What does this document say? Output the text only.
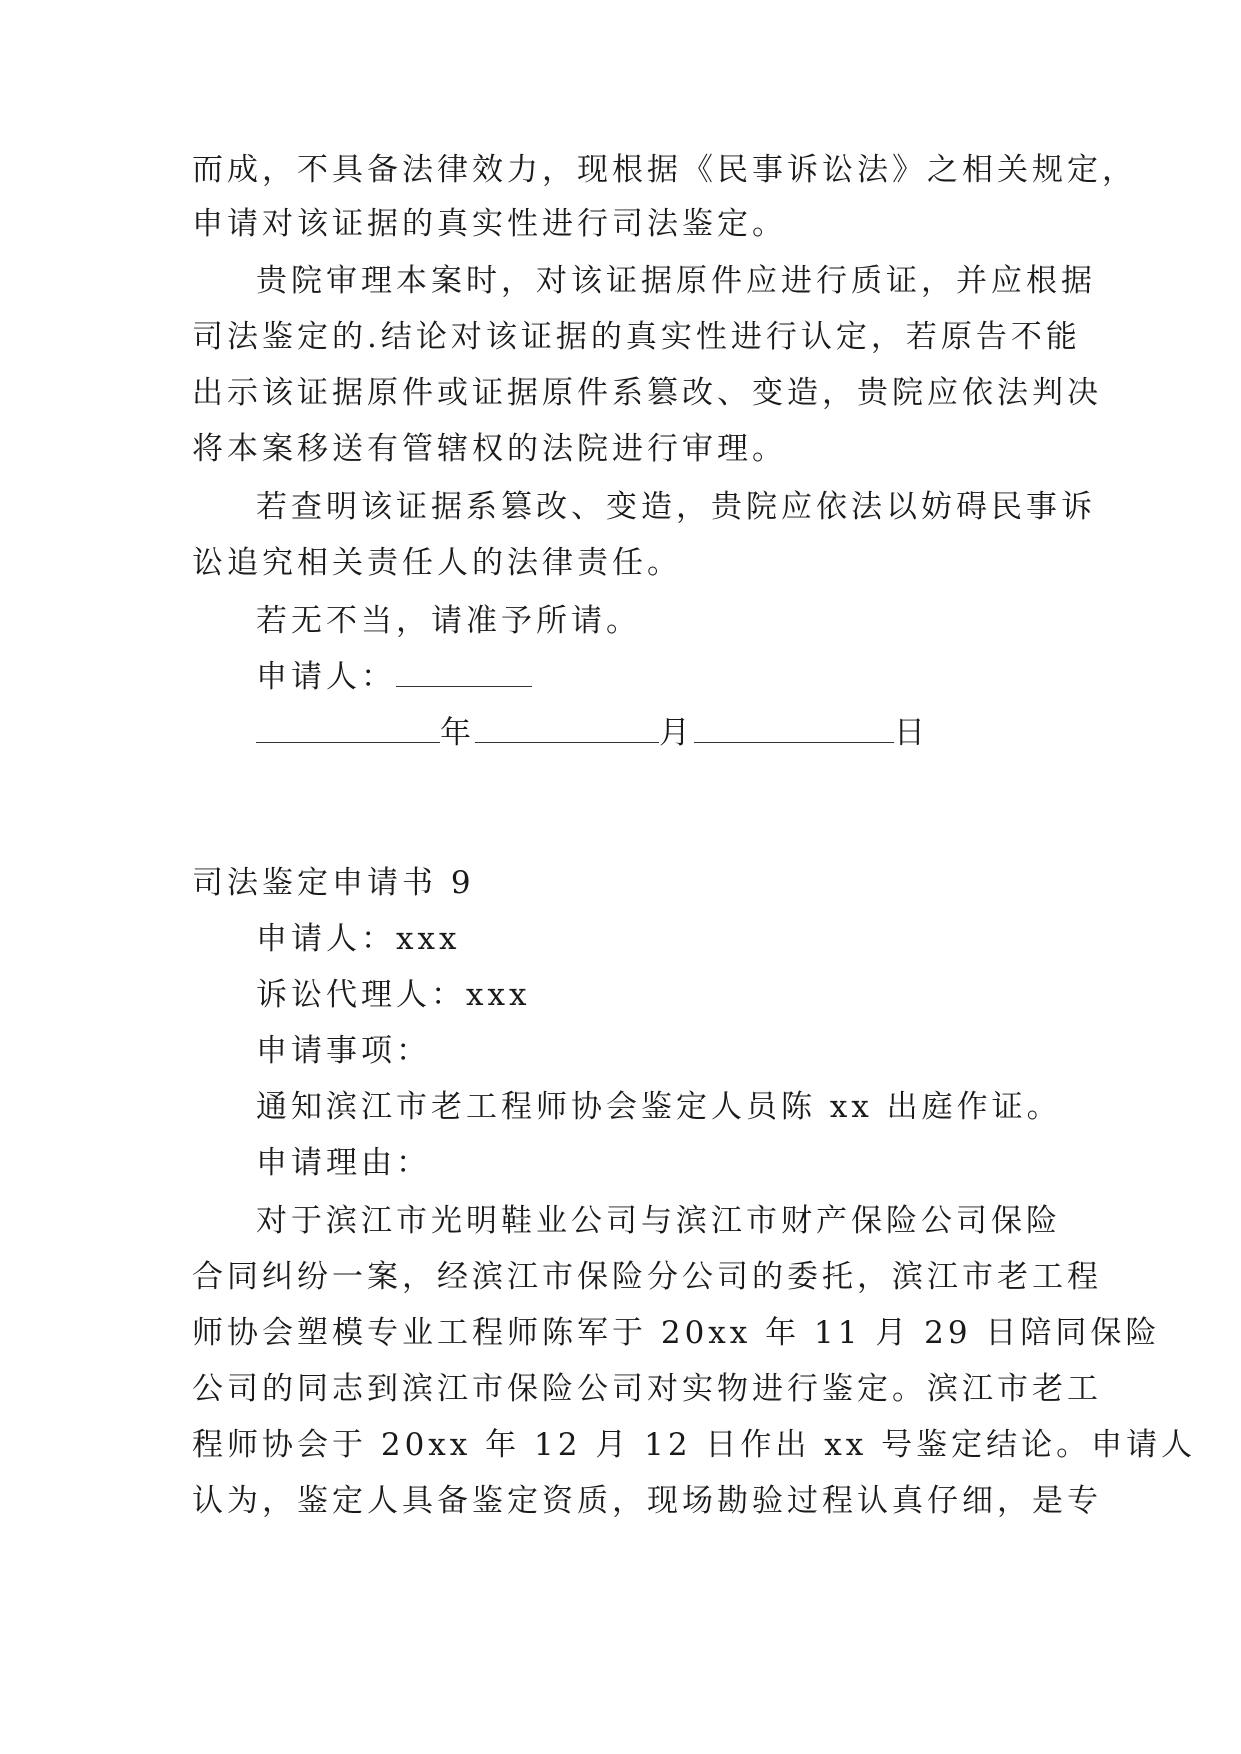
而成，不具备法律效力，现根据《民事诉讼法》之相关规定，

申请对该证据的真实性进行司法鉴定。

贵院审理本案时，对该证据原件应进行质证，并应根据

司法鉴定的.结论对该证据的真实性进行认定，若原告不能

出示该证据原件或证据原件系篡改、变造，贵院应依法判决

将本案移送有管辖权的法院进行审理。

若查明该证据系篡改、变造，贵院应依法以妨碍民事诉

讼追究相关责任人的法律责任。

若无不当，请准予所请。

申请人：

年	月	日

司法鉴定申请书 9

申请人：xxx

诉讼代理人：xxx

申请事项：

通知滨江市老工程师协会鉴定人员陈 xx 出庭作证。

申请理由：

对于滨江市光明鞋业公司与滨江市财产保险公司保险

合同纠纷一案，经滨江市保险分公司的委托，滨江市老工程

师协会塑模专业工程师陈军于 20xx 年 11 月 29 日陪同保险

公司的同志到滨江市保险公司对实物进行鉴定。滨江市老工

程师协会于 20xx 年 12 月 12 日作出 xx 号鉴定结论。申请人

认为，鉴定人具备鉴定资质，现场勘验过程认真仔细，是专
